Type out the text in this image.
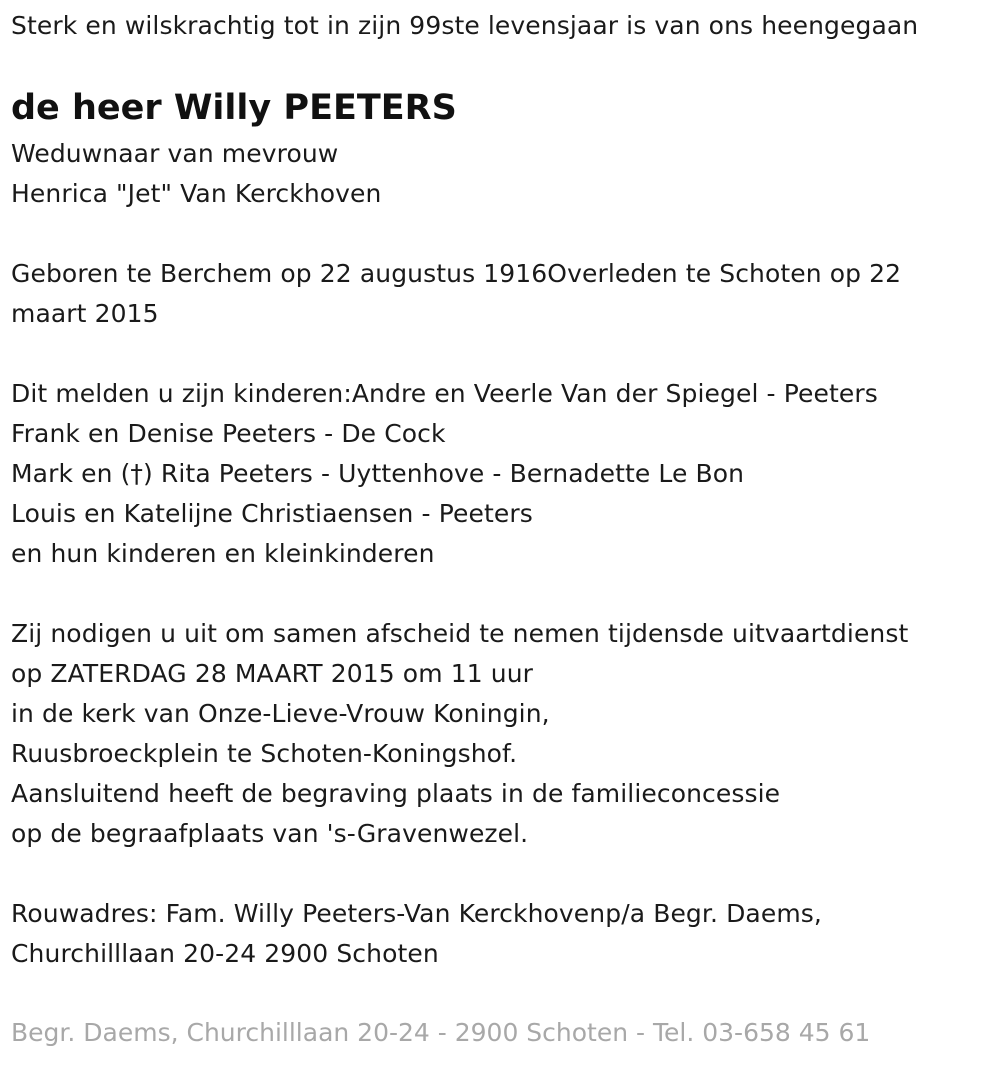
Sterk en wilskrachtig tot in zijn 99ste levensjaar is van ons heengegaan
de heer Willy PEETERS
Weduwnaar van mevrouw
Henrica "Jet" Van Kerckhoven
Geboren te Berchem op 22 augustus 1916Overleden te Schoten op 22
maart 2015
Dit melden u zijn kinderen:Andre en Veerle Van der Spiegel - Peeters
Frank en Denise Peeters - De Cock
Mark en (†) Rita Peeters - Uyttenhove - Bernadette Le Bon
Louis en Katelijne Christiaensen - Peeters
en hun kinderen en kleinkinderen
Zij nodigen u uit om samen afscheid te nemen tijdensde uitvaartdienst
op ZATERDAG 28 MAART 2015 om 11 uur
in de kerk van Onze-Lieve-Vrouw Koningin,
Ruusbroeckplein te Schoten-Koningshof.
Aansluitend heeft de begraving plaats in de familieconcessie
op de begraafplaats van 's-Gravenwezel.
Rouwadres: Fam. Willy Peeters-Van Kerckhovenp/a Begr. Daems,
Churchilllaan 20-24 2900 Schoten
Begr. Daems, Churchilllaan 20-24 - 2900 Schoten - Tel. 03-658 45 61
